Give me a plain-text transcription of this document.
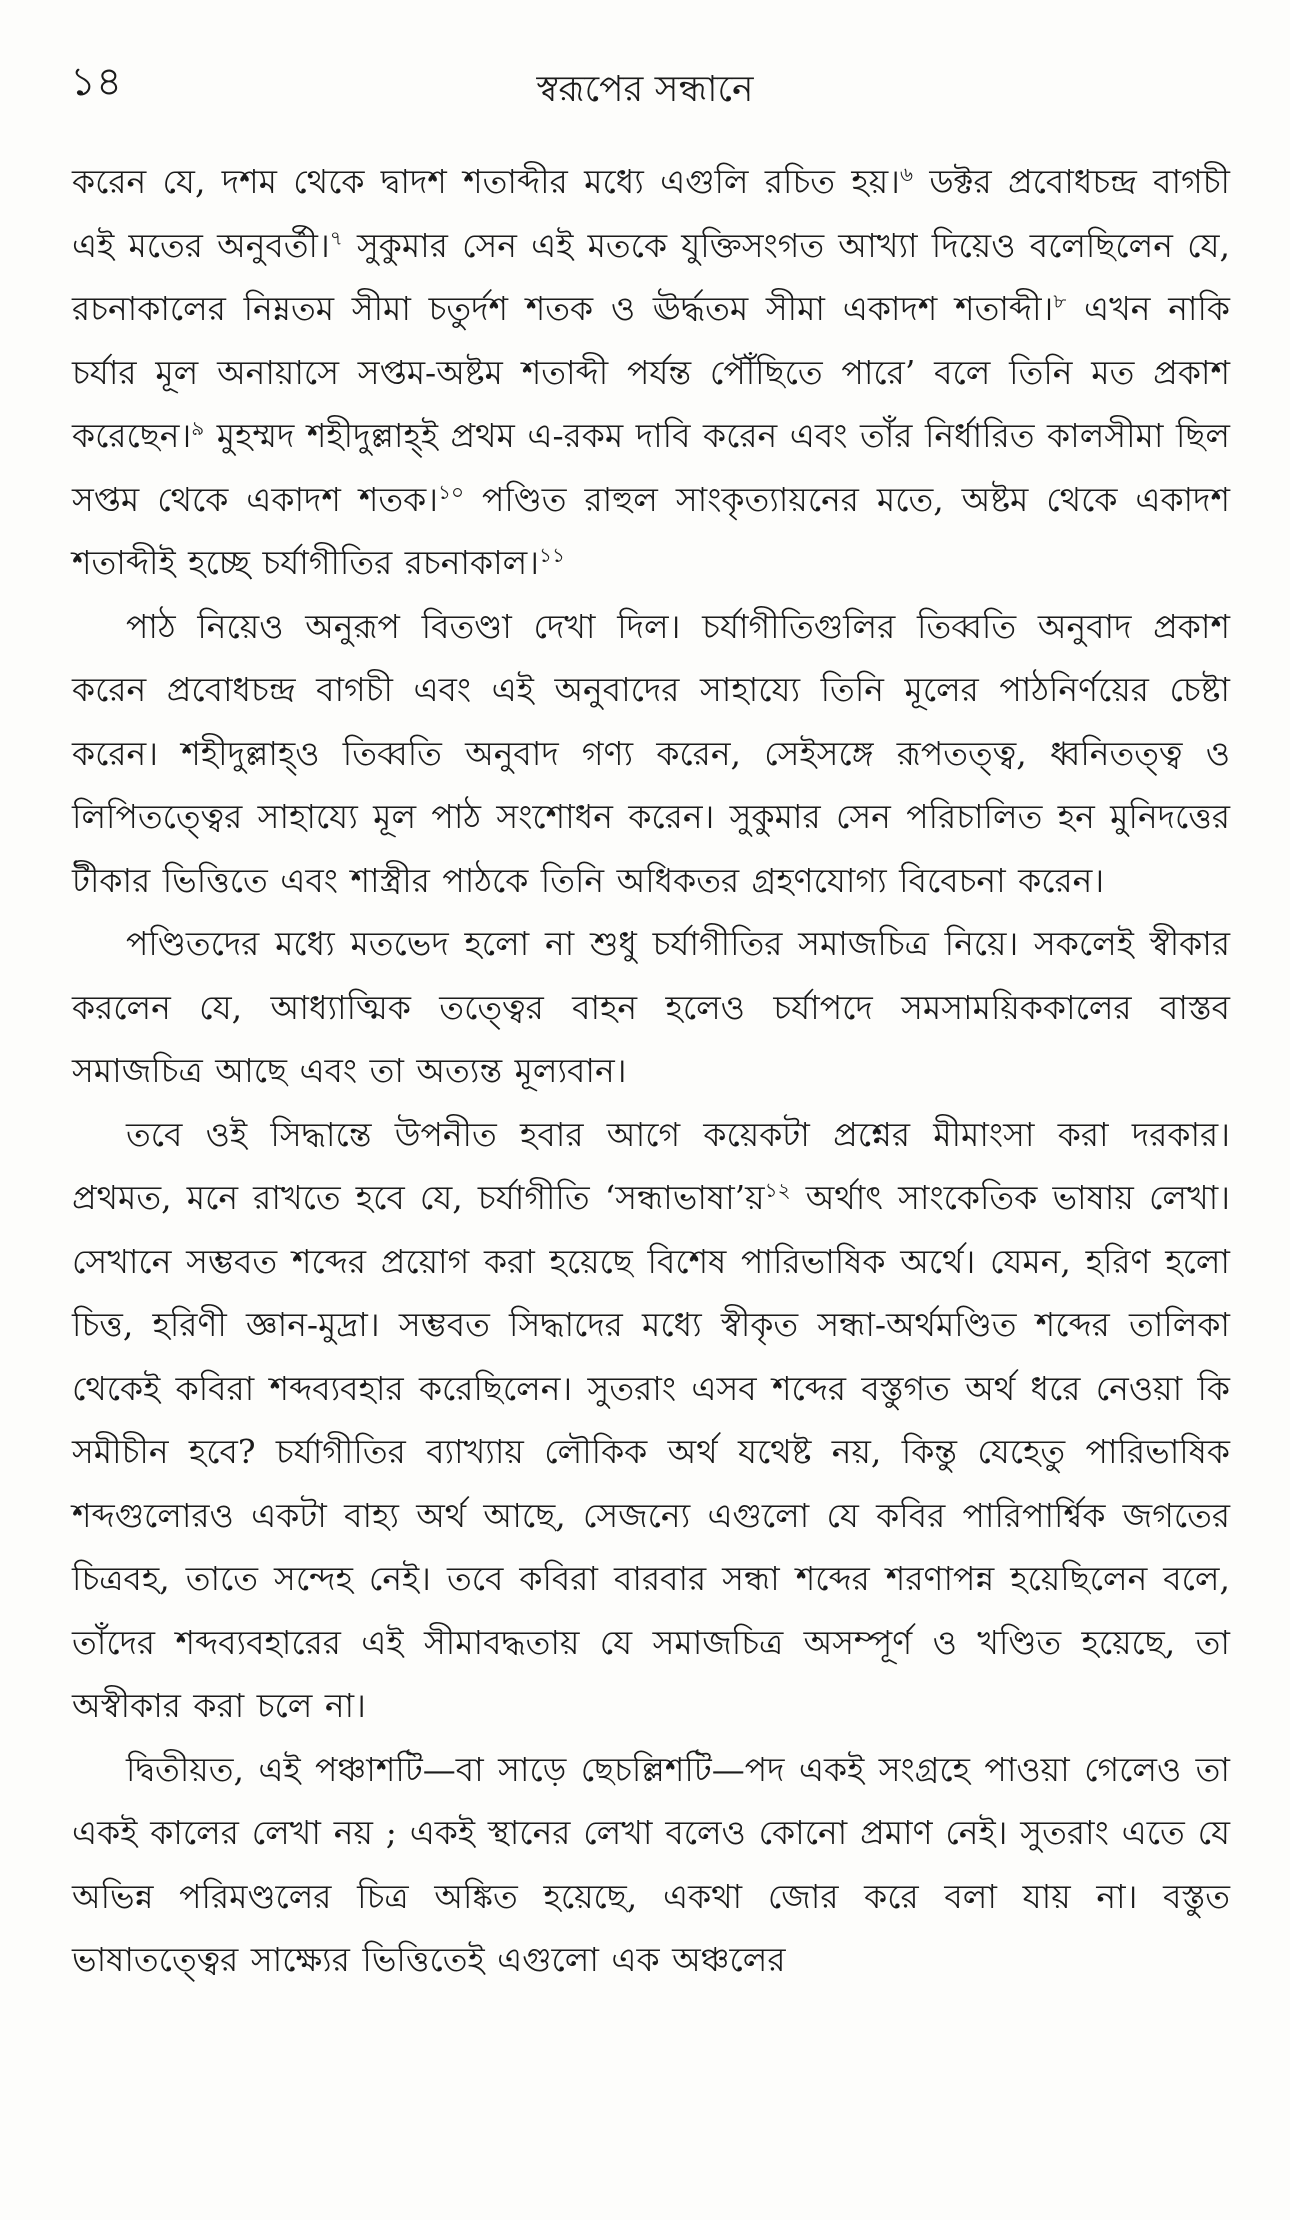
১৪	স্বরূপের সন্ধানে

করেন যে, দশম থেকে দ্বাদশ শতাব্দীর মধ্যে এগুলি রচিত হয়।$^৬$ ডক্টর প্রবোধচন্দ্র বাগচী এই মতের অনুবর্তী।$^৭$ সুকুমার সেন এই মতকে যুক্তিসংগত আখ্যা দিয়েও বলেছিলেন যে, রচনাকালের নিম্নতম সীমা চতুর্দশ শতক ও ঊর্দ্ধতম সীমা একাদশ শতাব্দী।$^৮$ এখন নাকি চর্যার মূল অনায়াসে সপ্তম-অষ্টম শতাব্দী পর্যন্ত পৌঁছিতে পারে’ বলে তিনি মত প্রকাশ করেছেন।$^৯$ মুহম্মদ শহীদুল্লাহ্ই প্রথম এ-রকম দাবি করেন এবং তাঁর নির্ধারিত কালসীমা ছিল সপ্তম থেকে একাদশ শতক।$^{১০}$ পণ্ডিত রাহুল সাংকৃত্যায়নের মতে, অষ্টম থেকে একাদশ শতাব্দীই হচ্ছে চর্যাগীতির রচনাকাল।$^{১১}$

পাঠ নিয়েও অনুরূপ বিতণ্ডা দেখা দিল। চর্যাগীতিগুলির তিব্বতি অনুবাদ প্রকাশ করেন প্রবোধচন্দ্র বাগচী এবং এই অনুবাদের সাহায্যে তিনি মূলের পাঠনির্ণয়ের চেষ্টা করেন। শহীদুল্লাহ্ও তিব্বতি অনুবাদ গণ্য করেন, সেইসঙ্গে রূপতত্ত্ব, ধ্বনিতত্ত্ব ও লিপিতত্ত্বের সাহায্যে মূল পাঠ সংশোধন করেন। সুকুমার সেন পরিচালিত হন মুনিদত্তের টীকার ভিত্তিতে এবং শাস্ত্রীর পাঠকে তিনি অধিকতর গ্রহণযোগ্য বিবেচনা করেন।

পণ্ডিতদের মধ্যে মতভেদ হলো না শুধু চর্যাগীতির সমাজচিত্র নিয়ে। সকলেই স্বীকার করলেন যে, আধ্যাত্মিক তত্ত্বের বাহন হলেও চর্যাপদে সমসাময়িককালের বাস্তব সমাজচিত্র আছে এবং তা অত্যন্ত মূল্যবান।

তবে ওই সিদ্ধান্তে উপনীত হবার আগে কয়েকটা প্রশ্নের মীমাংসা করা দরকার। প্রথমত, মনে রাখতে হবে যে, চর্যাগীতি ‘সন্ধাভাষা’য়$^{১২}$ অর্থাৎ সাংকেতিক ভাষায় লেখা। সেখানে সম্ভবত শব্দের প্রয়োগ করা হয়েছে বিশেষ পারিভাষিক অর্থে। যেমন, হরিণ হলো চিত্ত, হরিণী জ্ঞান-মুদ্রা। সম্ভবত সিদ্ধাদের মধ্যে স্বীকৃত সন্ধা-অর্থমণ্ডিত শব্দের তালিকা থেকেই কবিরা শব্দব্যবহার করেছিলেন। সুতরাং এসব শব্দের বস্তুগত অর্থ ধরে নেওয়া কি সমীচীন হবে? চর্যাগীতির ব্যাখ্যায় লৌকিক অর্থ যথেষ্ট নয়, কিন্তু যেহেতু পারিভাষিক শব্দগুলোরও একটা বাহ্য অর্থ আছে, সেজন্যে এগুলো যে কবির পারিপার্শ্বিক জগতের চিত্রবহ, তাতে সন্দেহ নেই। তবে কবিরা বারবার সন্ধা শব্দের শরণাপন্ন হয়েছিলেন বলে, তাঁদের শব্দব্যবহারের এই সীমাবদ্ধতায় যে সমাজচিত্র অসম্পূর্ণ ও খণ্ডিত হয়েছে, তা অস্বীকার করা চলে না।

দ্বিতীয়ত, এই পঞ্চাশটি—বা সাড়ে ছেচল্লিশটি—পদ একই সংগ্রহে পাওয়া গেলেও তা একই কালের লেখা নয় ; একই স্থানের লেখা বলেও কোনো প্রমাণ নেই। সুতরাং এতে যে অভিন্ন পরিমণ্ডলের চিত্র অঙ্কিত হয়েছে, একথা জোর করে বলা যায় না। বস্তুত ভাষাতত্ত্বের সাক্ষ্যের ভিত্তিতেই এগুলো এক অঞ্চলের
